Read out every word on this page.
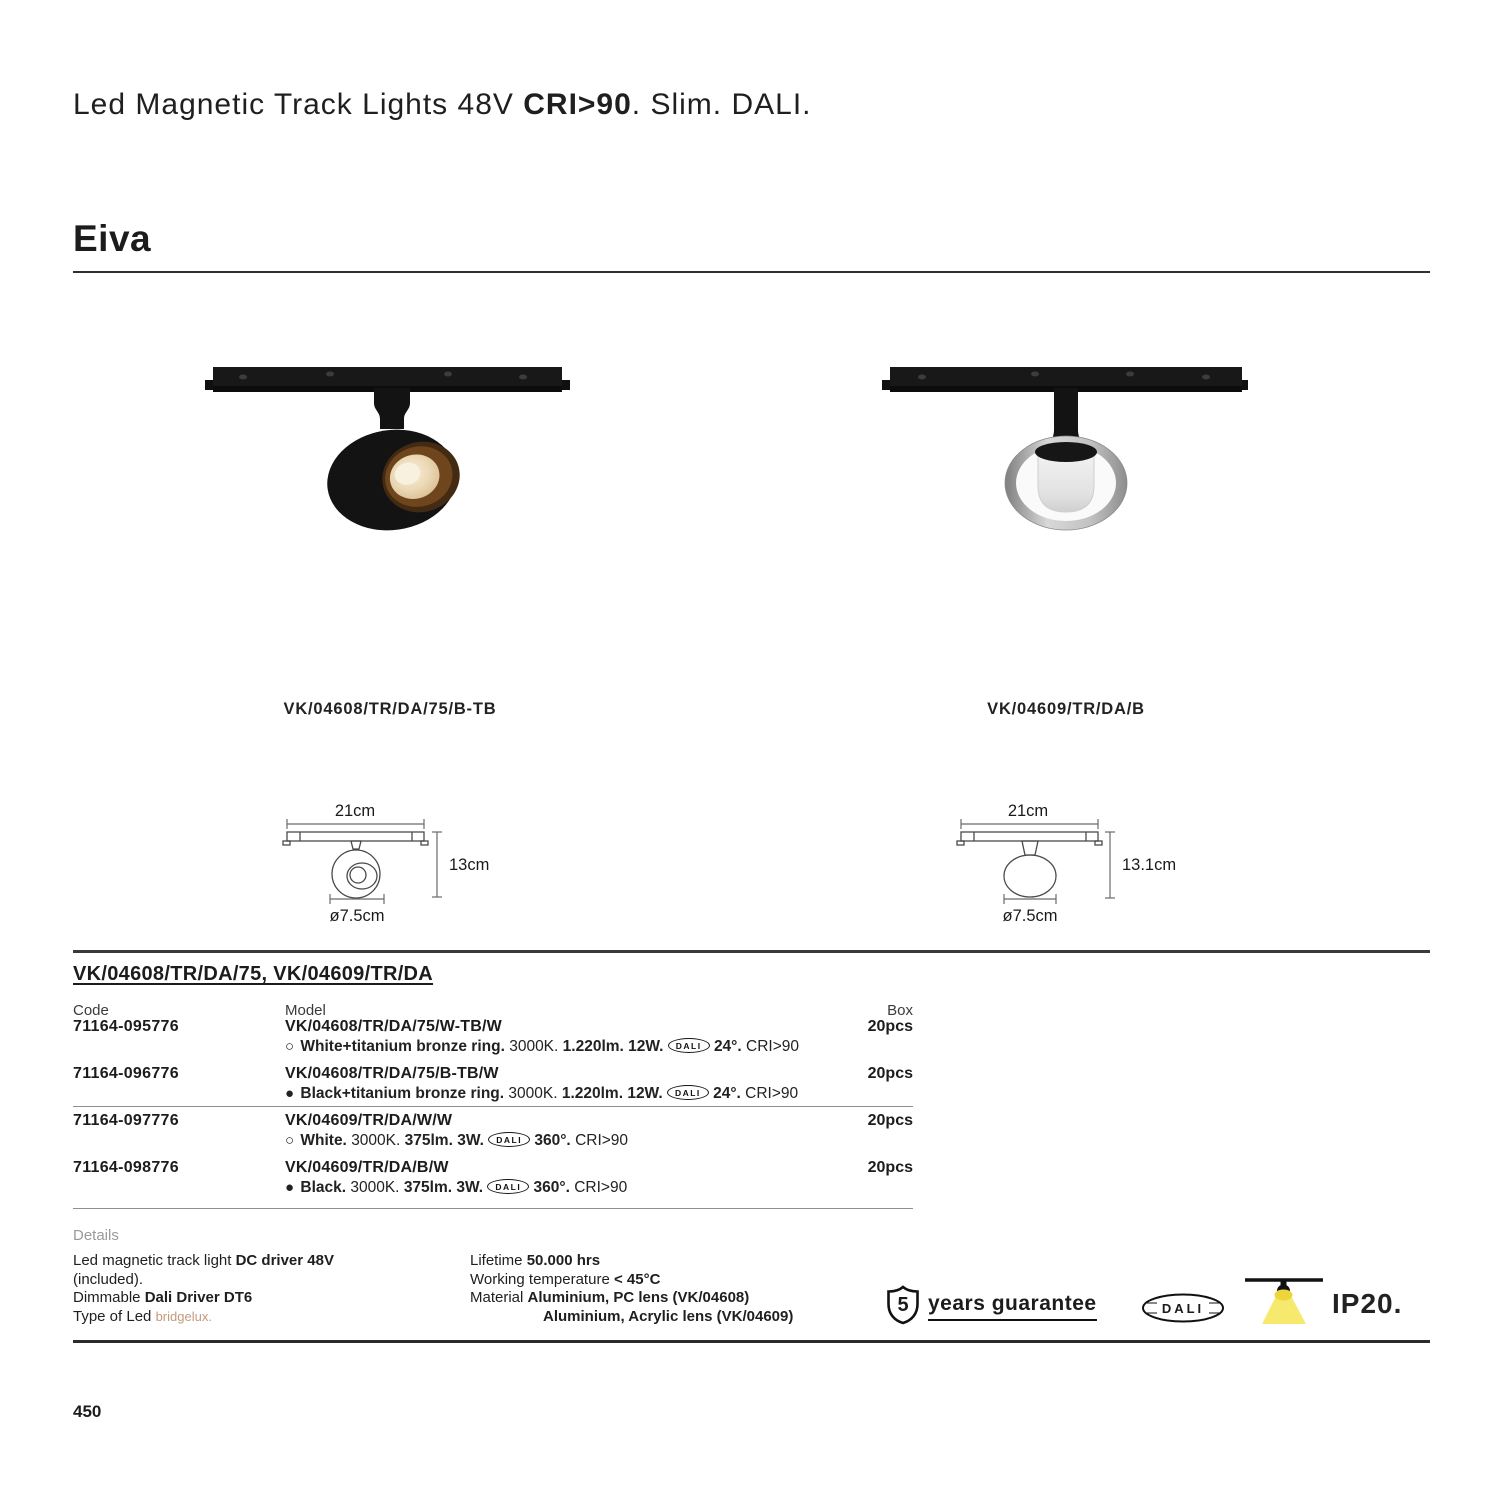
Led Magnetic Track Lights 48V CRI>90. Slim. DALI.
Eiva
VK/04608/TR/DA/75/B-TB	VK/04609/TR/DA/B
21cm
13cm
ø7.5cm
21cm
13.1cm
ø7.5cm
VK/04608/TR/DA/75, VK/04609/TR/DA
Code	Model	Box
71164-095776	VK/04608/TR/DA/75/W-TB/W	20pcs
○ White+titanium bronze ring. 3000K. 1.220lm. 12W. DALI 24°. CRI>90
71164-096776	VK/04608/TR/DA/75/B-TB/W	20pcs
● Black+titanium bronze ring. 3000K. 1.220lm. 12W. DALI 24°. CRI>90
71164-097776	VK/04609/TR/DA/W/W	20pcs
○ White. 3000K. 375lm. 3W. DALI 360°. CRI>90
71164-098776	VK/04609/TR/DA/B/W	20pcs
● Black. 3000K. 375lm. 3W. DALI 360°. CRI>90
Details
Led magnetic track light DC driver 48V
(included).
Dimmable Dali Driver DT6
Type of Led bridgelux.
Lifetime 50.000 hrs
Working temperature < 45°C
Material Aluminium, PC lens (VK/04608)
Aluminium, Acrylic lens (VK/04609)	5 years guarantee	DALI	IP20.
450
